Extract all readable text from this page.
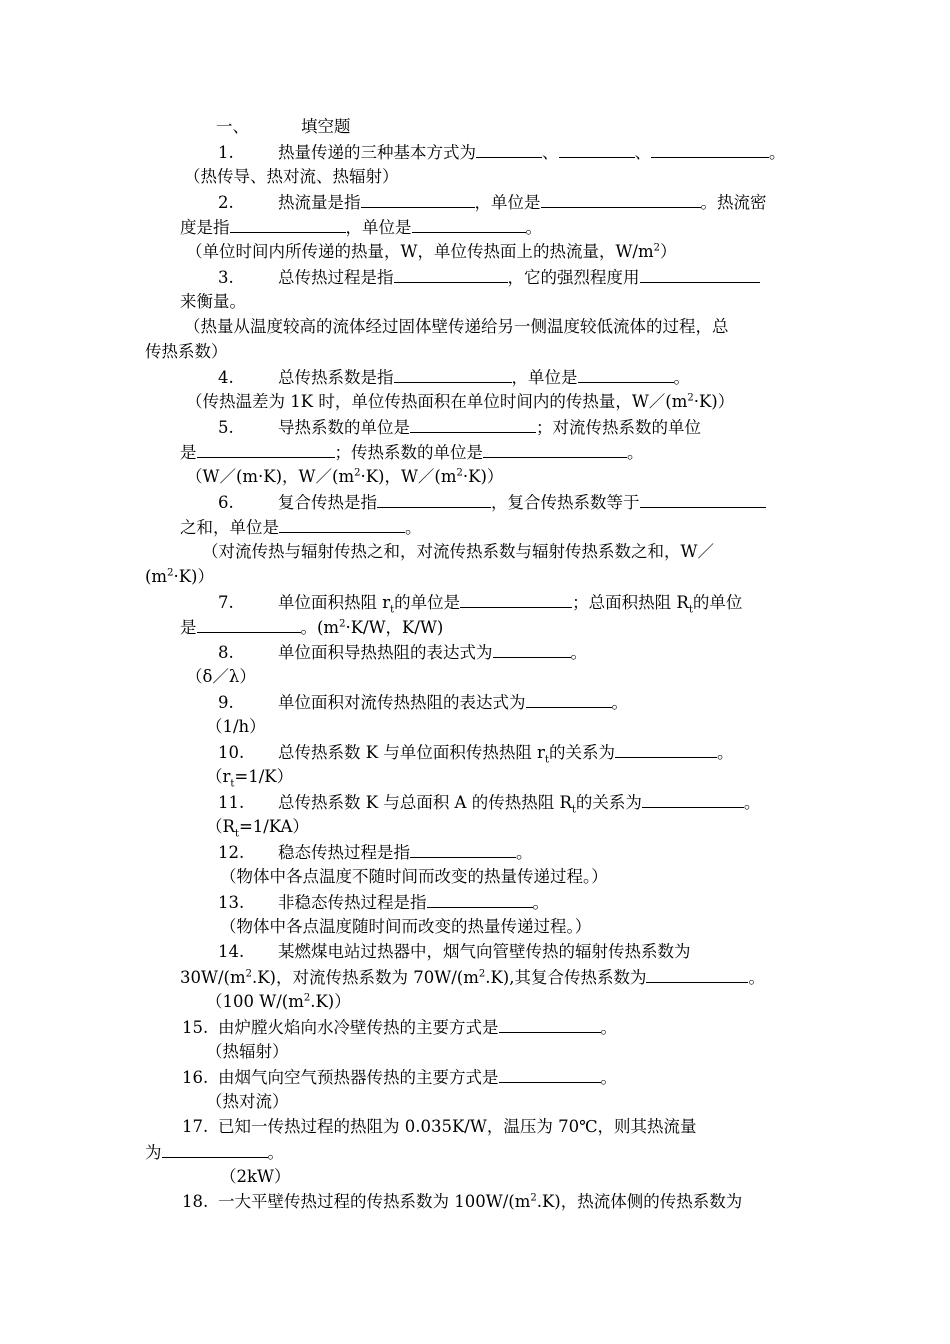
一、	填空题
1.	热量传递的三种基本方式为	、	、	。
（热传导、热对流、热辐射）
2.	热流量是指	，单位是	。热流密
度是指	，单位是	。
（单位时间内所传递的热量，W，单位传热面上的热流量，$W/m^2$）
3.	总传热过程是指	，它的强烈程度用
来衡量。
（热量从温度较高的流体经过固体壁传递给另一侧温度较低流体的过程，总
传热系数）
4.	总传热系数是指	，单位是	。
（传热温差为 1K 时，单位传热面积在单位时间内的传热量，$W/(m^2\cdot K)$）
5.	导热系数的单位是	；对流传热系数的单位
是	；传热系数的单位是	。
（W／(m·K)，$W/(m^2\cdot K)$，$W/(m^2\cdot K)$）
6.	复合传热是指	，复合传热系数等于
之和，单位是	。
（对流传热与辐射传热之和，对流传热系数与辐射传热系数之和，W／
$(m^2\cdot K)$）
7.	单位面积热阻 $r_t$的单位是	；总面积热阻 $R_t$的单位
是	。($m^2\cdot K/W$，K/W)
8.	单位面积导热热阻的表达式为	。
（δ／λ）
9.	单位面积对流传热热阻的表达式为	。
（1/h）
10. 总传热系数 K 与单位面积传热热阻 $r_t$的关系为	。
$(r_t=1/K)$
11. 总传热系数 K 与总面积 A 的传热热阻 $R_t$的关系为	。
$(R_t=1/KA)$
12. 稳态传热过程是指	。
（物体中各点温度不随时间而改变的热量传递过程。）
13. 非稳态传热过程是指	。
（物体中各点温度随时间而改变的热量传递过程。）
14. 某燃煤电站过热器中，烟气向管壁传热的辐射传热系数为
$30W/(m^2.K)$，对流传热系数为 $70W/(m^2.K)$,其复合传热系数为	。
（100 $W/(m^2.K)$）
15. 由炉膛火焰向水冷壁传热的主要方式是	。
（热辐射）
16. 由烟气向空气预热器传热的主要方式是	。
（热对流）
17. 已知一传热过程的热阻为 0.035K/W，温压为 70℃，则其热流量
为	。
（2kW）
18. 一大平壁传热过程的传热系数为 $100W/(m^2.K)$，热流体侧的传热系数为
